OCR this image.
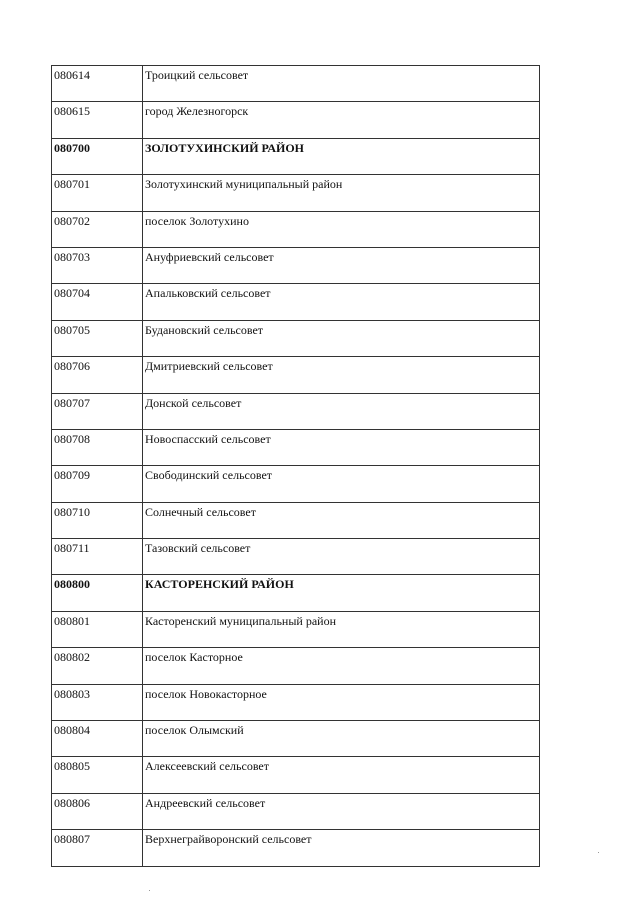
080614	Троицкий сельсовет
080615	город Железногорск
080700	ЗОЛОТУХИНСКИЙ РАЙОН
080701	Золотухинский муниципальный район
080702	поселок Золотухино
080703	Ануфриевский сельсовет
080704	Апальковский сельсовет
080705	Будановский сельсовет
080706	Дмитриевский сельсовет
080707	Донской сельсовет
080708	Новоспасский сельсовет
080709	Свободинский сельсовет
080710	Солнечный сельсовет
080711	Тазовский сельсовет
080800	КАСТОРЕНСКИЙ РАЙОН
080801	Касторенский муниципальный район
080802	поселок Касторное
080803	поселок Новокасторное
080804	поселок Олымский
080805	Алексеевский сельсовет
080806	Андреевский сельсовет
080807	Верхнеграйворонский сельсовет
